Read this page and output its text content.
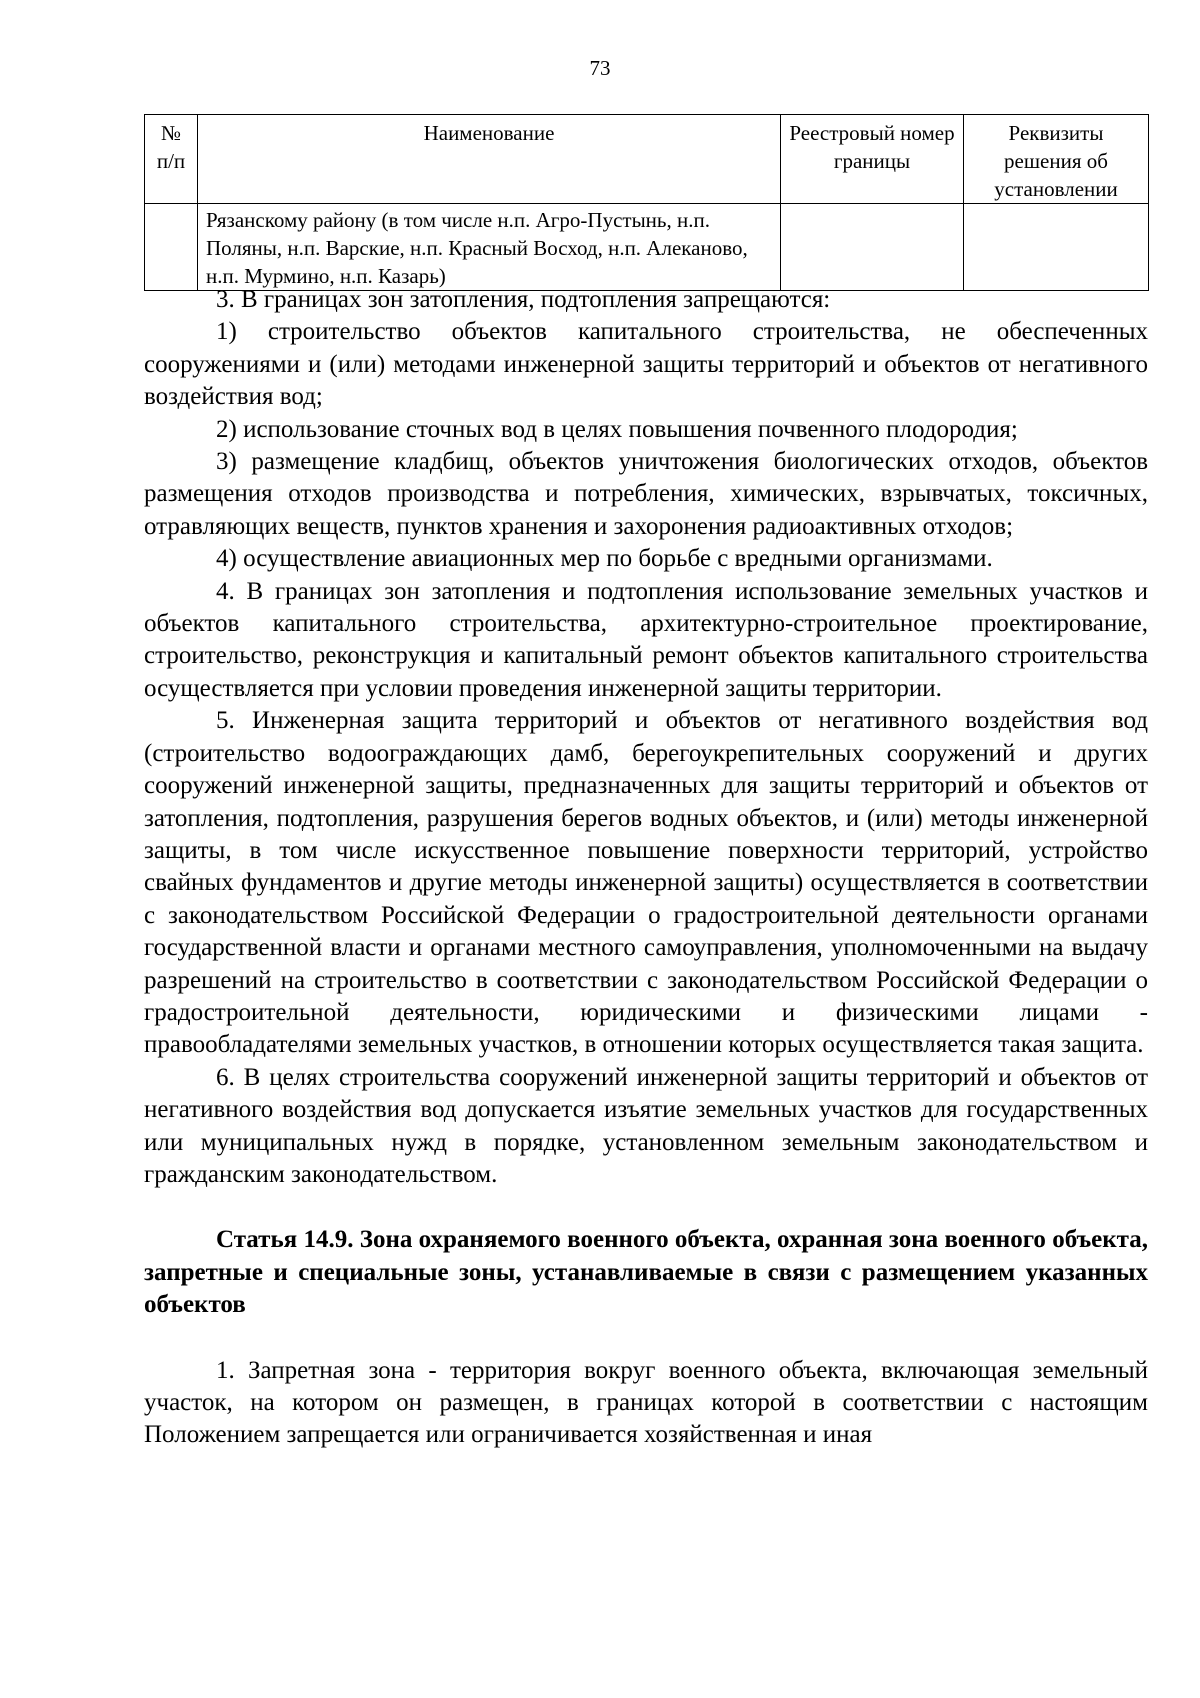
73
№
п/п	Наименование	Реестровый номер границы	Реквизиты решения об установлении
	Рязанскому району (в том числе н.п. Агро-Пустынь, н.п. Поляны, н.п. Варские, н.п. Красный Восход, н.п. Алеканово, н.п. Мурмино, н.п. Казарь)		

3. В границах зон затопления, подтопления запрещаются:

1) строительство объектов капитального строительства, не обеспеченных сооружениями и (или) методами инженерной защиты территорий и объектов от негативного воздействия вод;

2) использование сточных вод в целях повышения почвенного плодородия;

3) размещение кладбищ, объектов уничтожения биологических отходов, объектов размещения отходов производства и потребления, химических, взрывчатых, токсичных, отравляющих веществ, пунктов хранения и захоронения радиоактивных отходов;

4) осуществление авиационных мер по борьбе с вредными организмами.

4. В границах зон затопления и подтопления использование земельных участков и объектов капитального строительства, архитектурно-строительное проектирование, строительство, реконструкция и капитальный ремонт объектов капитального строительства осуществляется при условии проведения инженерной защиты территории.

5. Инженерная защита территорий и объектов от негативного воздействия вод (строительство водоограждающих дамб, берегоукрепительных сооружений и других сооружений инженерной защиты, предназначенных для защиты территорий и объектов от затопления, подтопления, разрушения берегов водных объектов, и (или) методы инженерной защиты, в том числе искусственное повышение поверхности территорий, устройство свайных фундаментов и другие методы инженерной защиты) осуществляется в соответствии с законодательством Российской Федерации о градостроительной деятельности органами государственной власти и органами местного самоуправления, уполномоченными на выдачу разрешений на строительство в соответствии с законодательством Российской Федерации о градостроительной деятельности, юридическими и физическими лицами - правообладателями земельных участков, в отношении которых осуществляется такая защита.

6. В целях строительства сооружений инженерной защиты территорий и объектов от негативного воздействия вод допускается изъятие земельных участков для государственных или муниципальных нужд в порядке, установленном земельным законодательством и гражданским законодательством.

Статья 14.9. Зона охраняемого военного объекта, охранная зона военного объекта, запретные и специальные зоны, устанавливаемые в связи с размещением указанных объектов

1. Запретная зона - территория вокруг военного объекта, включающая земельный участок, на котором он размещен, в границах которой в соответствии с настоящим Положением запрещается или ограничивается хозяйственная и иная
